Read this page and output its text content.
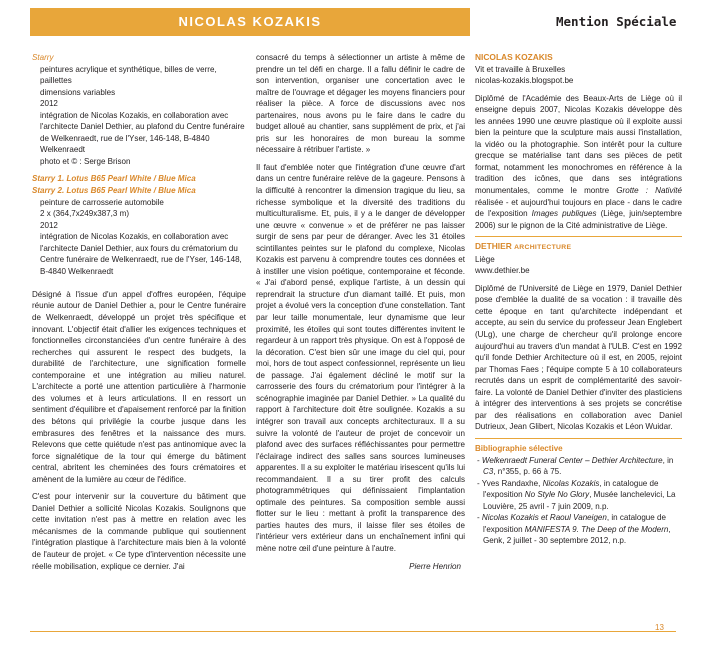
NICOLAS KOZAKIS	Mention Spéciale

Starry

peintures acrylique et synthétique, billes de verre, paillettes

dimensions variables

2012

intégration de Nicolas Kozakis, en collaboration avec l'architecte Daniel Dethier, au plafond du Centre funéraire de Welkenraedt, rue de l'Yser, 146-148, B-4840 Welkenraedt

photo et © : Serge Brison

Starry 1. Lotus B65 Pearl White / Blue Mica

Starry 2. Lotus B65 Pearl White / Blue Mica

peinture de carrosserie automobile

2 x (364,7x249x387,3 m)

2012

intégration de Nicolas Kozakis, en collaboration avec l'architecte Daniel Dethier, aux fours du crématorium du Centre funéraire de Welkenraedt, rue de l'Yser, 146-148, B-4840 Welkenraedt

Désigné à l'issue d'un appel d'offres européen, l'équipe réunie autour de Daniel Dethier a, pour le Centre funéraire de Welkenraedt, développé un projet très spécifique et innovant. L'objectif était d'allier les exigences techniques et fonctionnelles circonstanciées d'un centre funéraire à des recherches qui assurent le respect des budgets, la durabilité de l'architecture, une signification formelle contemporaine et une intégration au milieu naturel. L'architecte a porté une attention particulière à l'harmonie des volumes et à leurs articulations. Il en ressort un sentiment d'équilibre et d'apaisement renforcé par la finition des bétons qui privilégie la courbe jusque dans les embrasures des fenêtres et la naissance des murs. Relevons que cette quiétude n'est pas antinomique avec la force signalétique de la tour qui émerge du bâtiment central, abritent les cheminées des fours crématoires et amènent de la lumière au cœur de l'édifice.

C'est pour intervenir sur la couverture du bâtiment que Daniel Dethier a sollicité Nicolas Kozakis. Soulignons que cette invitation n'est pas à mettre en relation avec les mécanismes de la commande publique qui soutiennent l'intégration plastique à l'architecture mais bien à la volonté de l'auteur de projet. « Ce type d'intervention nécessite une réelle mobilisation, explique ce dernier. J'ai

consacré du temps à sélectionner un artiste à même de prendre un tel défi en charge. Il a fallu définir le cadre de son intervention, organiser une concertation avec le maître de l'ouvrage et dégager les moyens financiers pour réaliser la pièce. A force de discussions avec nos partenaires, nous avons pu le faire dans le cadre du budget alloué au chantier, sans supplément de prix, et j'ai pris sur les honoraires de mon bureau la somme nécessaire à rétribuer l'artiste. »

Il faut d'emblée noter que l'intégration d'une œuvre d'art dans un centre funéraire relève de la gageure. Pensons à la difficulté à rencontrer la dimension tragique du lieu, sa richesse symbolique et la diversité des traditions du multiculturalisme. Et, puis, il y a le danger de développer une œuvre « convenue » et de préférer ne pas laisser surgir de sens par peur de déranger. Avec les 31 étoiles scintillantes peintes sur le plafond du complexe, Nicolas Kozakis est parvenu à comprendre toutes ces données et à instiller une vision poétique, contemporaine et féconde. « J'ai d'abord pensé, explique l'artiste, à un dessin qui reprendrait la structure d'un diamant taillé. Et puis, mon projet a évolué vers la conception d'une constellation. Tant par leur taille monumentale, leur dynamisme que leur proximité, les étoiles qui sont toutes différentes invitent le regardeur à un rapport très physique. On est à l'opposé de la décoration. C'est bien sûr une image du ciel qui, pour moi, hors de tout aspect confessionnel, représente un lieu de passage. J'ai également décliné le motif sur la carrosserie des fours du crématorium pour l'intégrer à la scénographie imaginée par Daniel Dethier. » La qualité du rapport à l'architecture doit être soulignée. Kozakis a su intégrer son travail aux concepts architecturaux. Il a su suivre la volonté de l'auteur de projet de concevoir un plafond avec des surfaces réfléchissantes pour permettre l'éclairage indirect des salles sans sources lumineuses apparentes. Il a su exploiter le matériau irisescent qu'ils lui recommandaient. Il a su tirer profit des calculs photogrammétriques qui définissaient l'implantation optimale des peintures. Sa composition semble aussi flotter sur le lieu : mettant à profit la transparence des parties hautes des murs, il laisse filer ses étoiles de l'intérieur vers extérieur dans un enchaînement infini qui mène notre œil d'une peinture à l'autre.

Pierre Henrion

NICOLAS KOZAKIS

Vit et travaille à Bruxelles

nicolas-kozakis.blogspot.be

Diplômé de l'Académie des Beaux-Arts de Liège où il enseigne depuis 2007, Nicolas Kozakis développe dès les années 1990 une œuvre plastique où il exploite aussi bien la peinture que la sculpture mais aussi l'installation, la vidéo ou la photographie. Son intérêt pour la culture grecque se matérialise tant dans ses pièces de petit format, notamment les monochromes en référence à la tradition des icônes, que dans ses intégrations monumentales, comme le montre Grotte : Nativité réalisée - et aujourd'hui toujours en place - dans le cadre de l'exposition Images publiques (Liège, juin/septembre 2006) sur le pignon de la Cité administrative de Liège.

DETHIER ARCHITECTURE

Liège

www.dethier.be

Diplômé de l'Université de Liège en 1979, Daniel Dethier pose d'emblée la dualité de sa vocation : il travaille dès cette époque en tant qu'architecte indépendant et accepte, au sein du service du professeur Jean Englebert (ULg), une charge de chercheur qu'il prolonge encore aujourd'hui au travers d'un mandat à l'ULB. C'est en 1992 qu'il fonde Dethier Architecture où il est, en 2005, rejoint par Thomas Faes ; l'équipe compte 5 à 10 collaborateurs recrutés dans un esprit de complémentarité des savoir-faire. La volonté de Daniel Dethier d'inviter des plasticiens à intégrer des interventions à ses projets se concrétise par des réalisations en collaboration avec Daniel Dutrieux, Jean Glibert, Nicolas Kozakis et Léon Wuidar.

Bibliographie sélective

- Welkenraedt Funeral Center – Dethier Architecture, in C3, n°355, p. 66 à 75.

- Yves Randaxhe, Nicolas Kozakis, in catalogue de l'exposition No Style No Glory, Musée Ianchelevici, La Louvière, 25 avril - 7 juin 2009, n.p.

- Nicolas Kozakis et Raoul Vaneigen, in catalogue de l'exposition MANIFESTA 9. The Deep of the Modern, Genk, 2 juillet - 30 septembre 2012, n.p.

13
